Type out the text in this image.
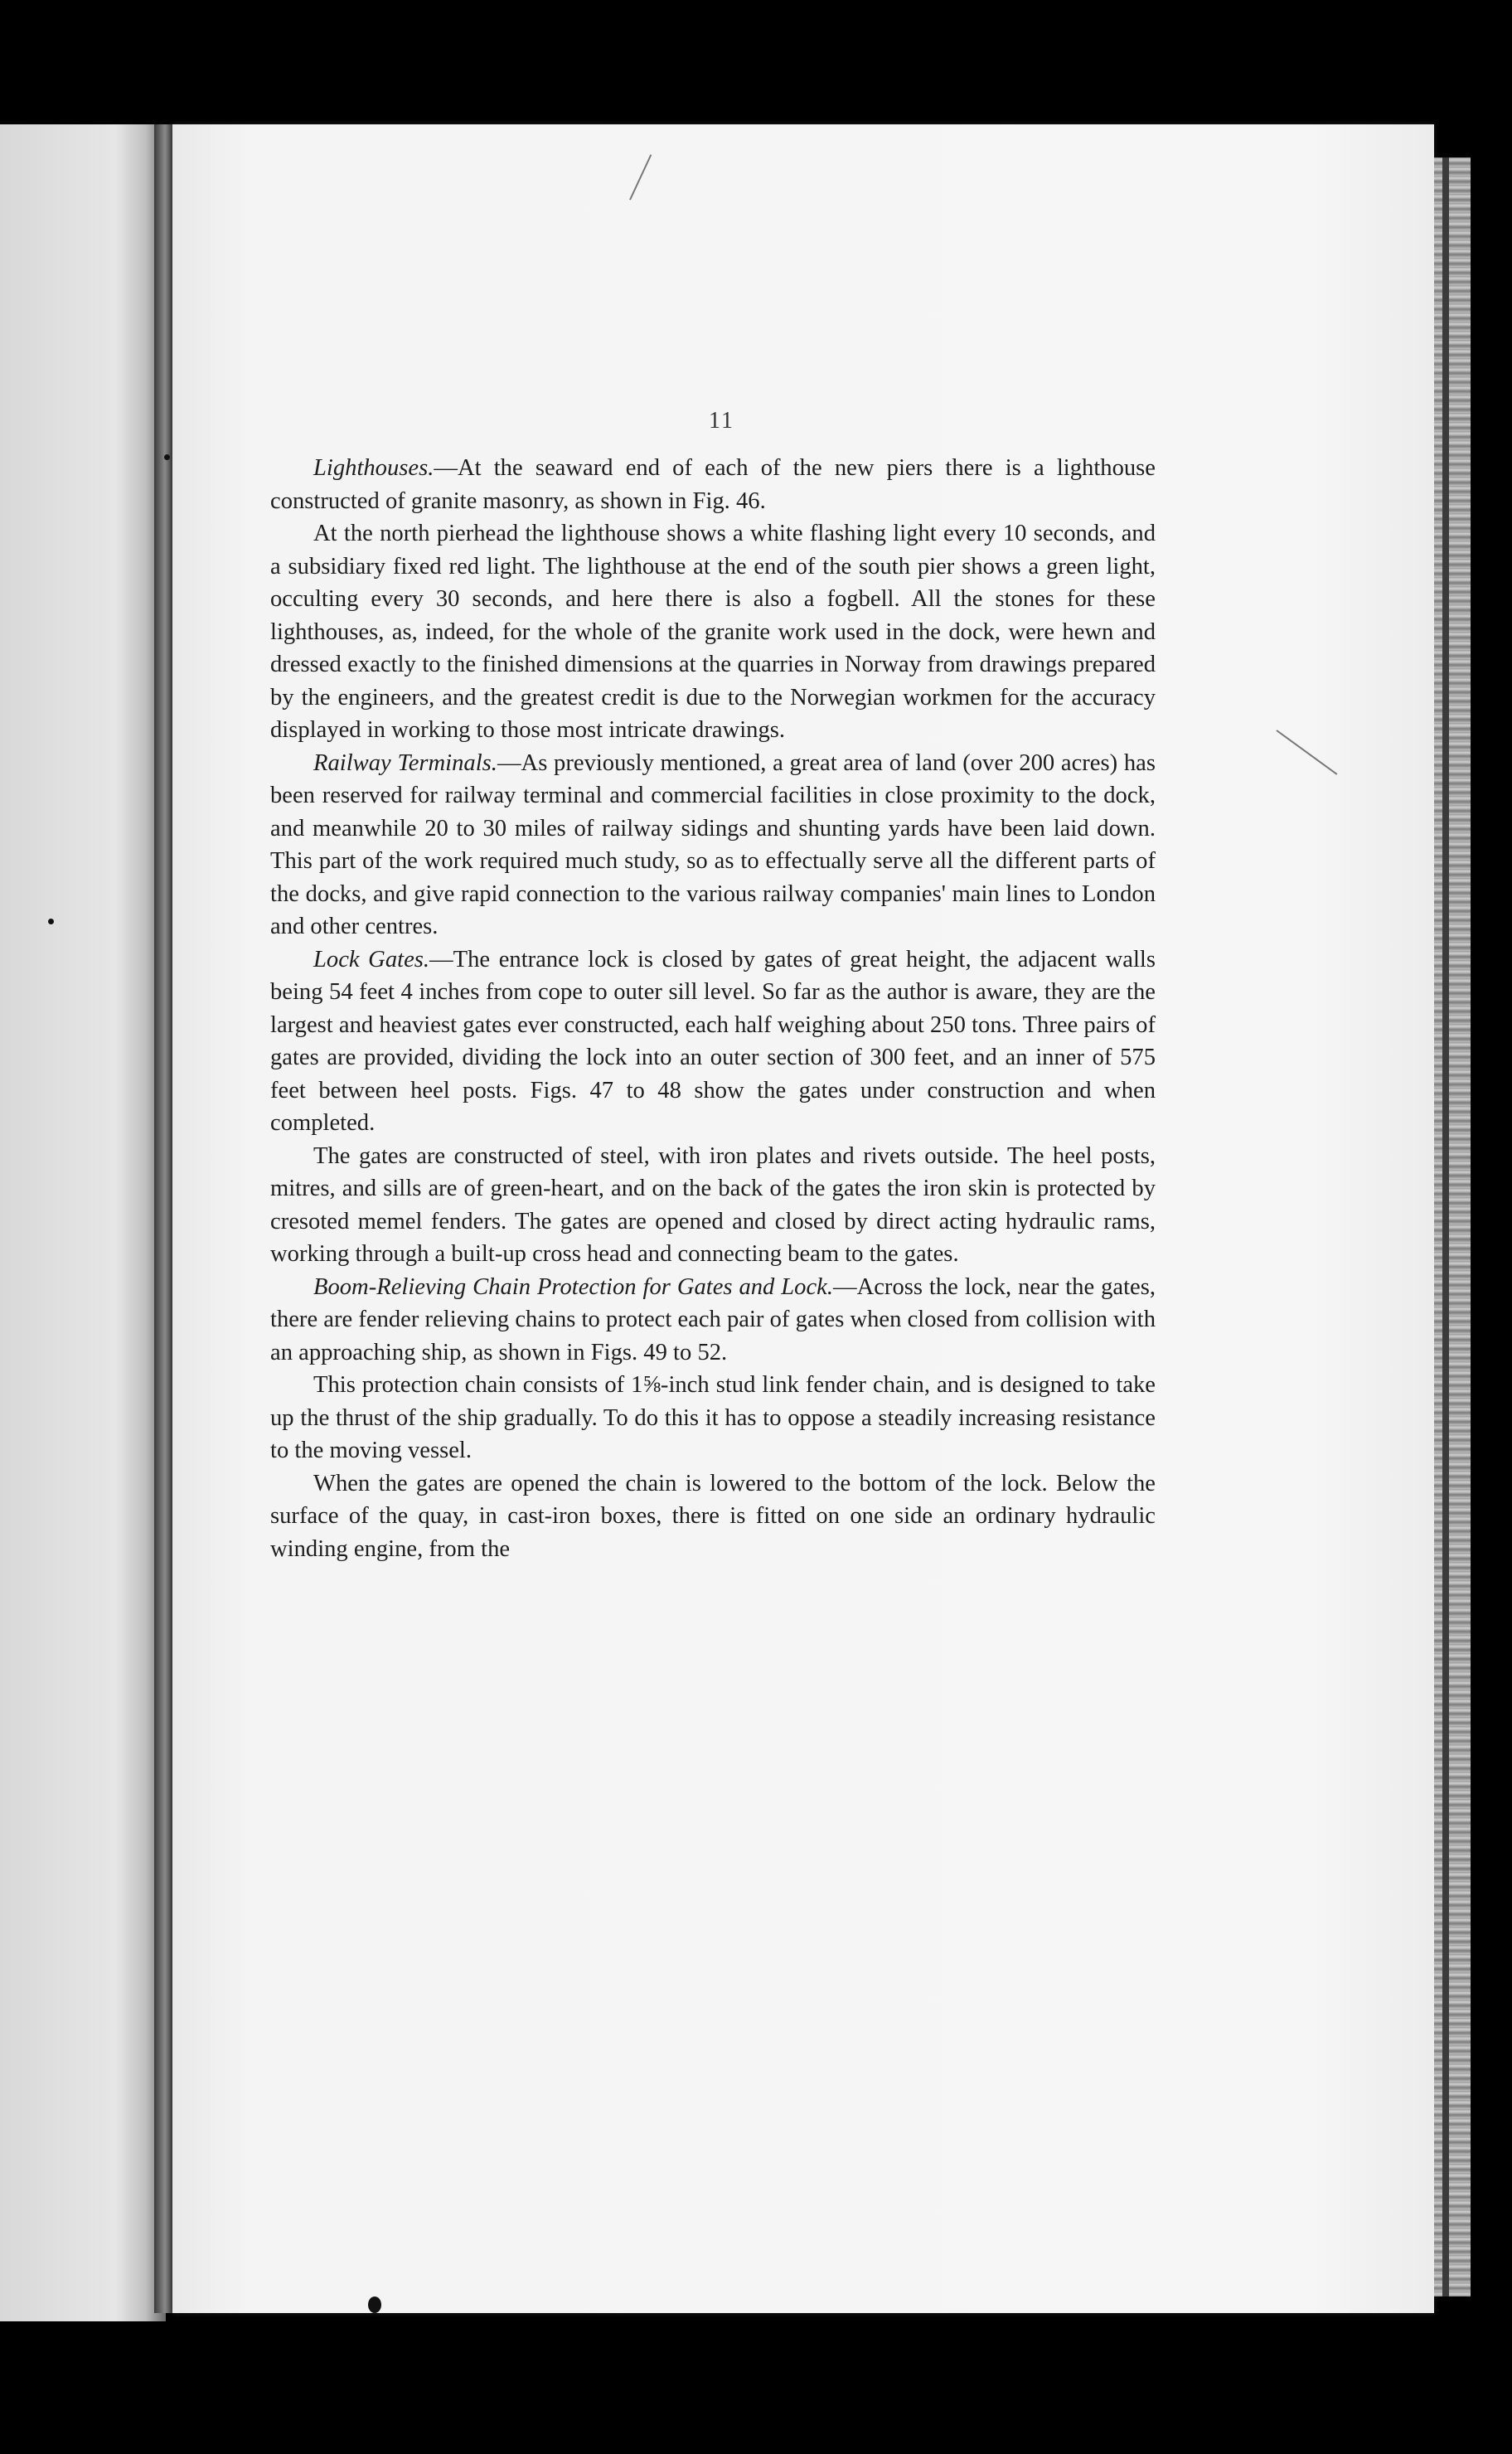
11

Lighthouses.—At the seaward end of each of the new piers there is a lighthouse constructed of granite masonry, as shown in Fig. 46.

At the north pierhead the lighthouse shows a white flashing light every 10 seconds, and a subsidiary fixed red light. The lighthouse at the end of the south pier shows a green light, occulting every 30 seconds, and here there is also a fogbell. All the stones for these lighthouses, as, indeed, for the whole of the granite work used in the dock, were hewn and dressed exactly to the finished dimensions at the quarries in Norway from drawings prepared by the engineers, and the greatest credit is due to the Norwegian workmen for the accuracy displayed in working to those most intricate drawings.

Railway Terminals.—As previously mentioned, a great area of land (over 200 acres) has been reserved for railway terminal and commercial facilities in close proximity to the dock, and meanwhile 20 to 30 miles of railway sidings and shunting yards have been laid down. This part of the work required much study, so as to effectually serve all the different parts of the docks, and give rapid connection to the various railway companies' main lines to London and other centres.

Lock Gates.—The entrance lock is closed by gates of great height, the adjacent walls being 54 feet 4 inches from cope to outer sill level. So far as the author is aware, they are the largest and heaviest gates ever constructed, each half weighing about 250 tons. Three pairs of gates are provided, dividing the lock into an outer section of 300 feet, and an inner of 575 feet between heel posts. Figs. 47 to 48 show the gates under construction and when completed.

The gates are constructed of steel, with iron plates and rivets outside. The heel posts, mitres, and sills are of green-heart, and on the back of the gates the iron skin is protected by cresoted memel fenders. The gates are opened and closed by direct acting hydraulic rams, working through a built-up cross head and connecting beam to the gates.

Boom-Relieving Chain Protection for Gates and Lock.—Across the lock, near the gates, there are fender relieving chains to protect each pair of gates when closed from collision with an approaching ship, as shown in Figs. 49 to 52.

This protection chain consists of 1⅝-inch stud link fender chain, and is designed to take up the thrust of the ship gradually. To do this it has to oppose a steadily increasing resistance to the moving vessel.

When the gates are opened the chain is lowered to the bottom of the lock. Below the surface of the quay, in cast-iron boxes, there is fitted on one side an ordinary hydraulic winding engine, from the
